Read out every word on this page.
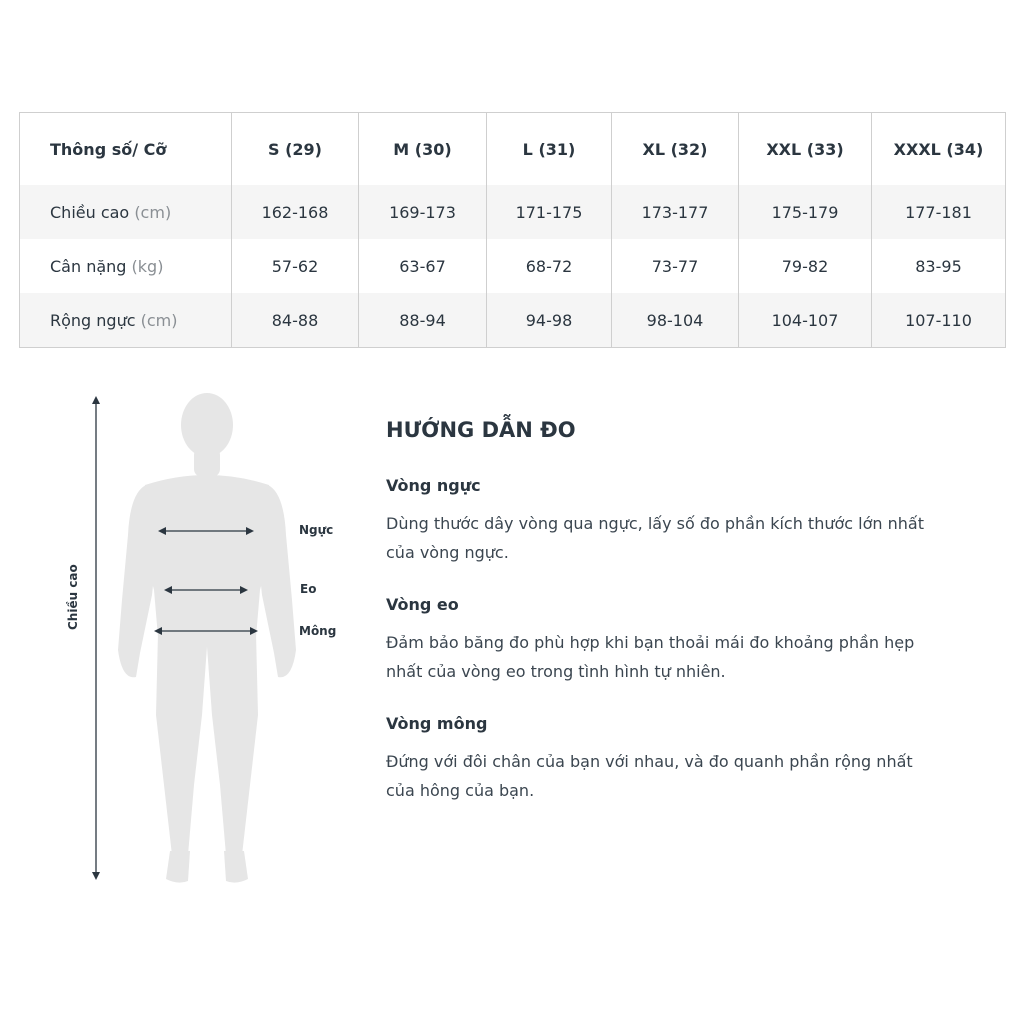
Thông số/ Cỡ	S (29)	M (30)	L (31)	XL (32)	XXL (33)	XXXL (34)
Chiều cao (cm)	162-168	169-173	171-175	173-177	175-179	177-181
Cân nặng (kg)	57-62	63-67	68-72	73-77	79-82	83-95
Rộng ngực (cm)	84-88	88-94	94-98	98-104	104-107	107-110
Chiều cao
Ngực
Eo
Mông
HƯỚNG DẪN ĐO
Vòng ngực

Dùng thước dây vòng qua ngực, lấy số đo phần kích thước lớn nhất của vòng ngực.

Vòng eo

Đảm bảo băng đo phù hợp khi bạn thoải mái đo khoảng phần hẹp nhất của vòng eo trong tình hình tự nhiên.

Vòng mông

Đứng với đôi chân của bạn với nhau, và đo quanh phần rộng nhất của hông của bạn.
